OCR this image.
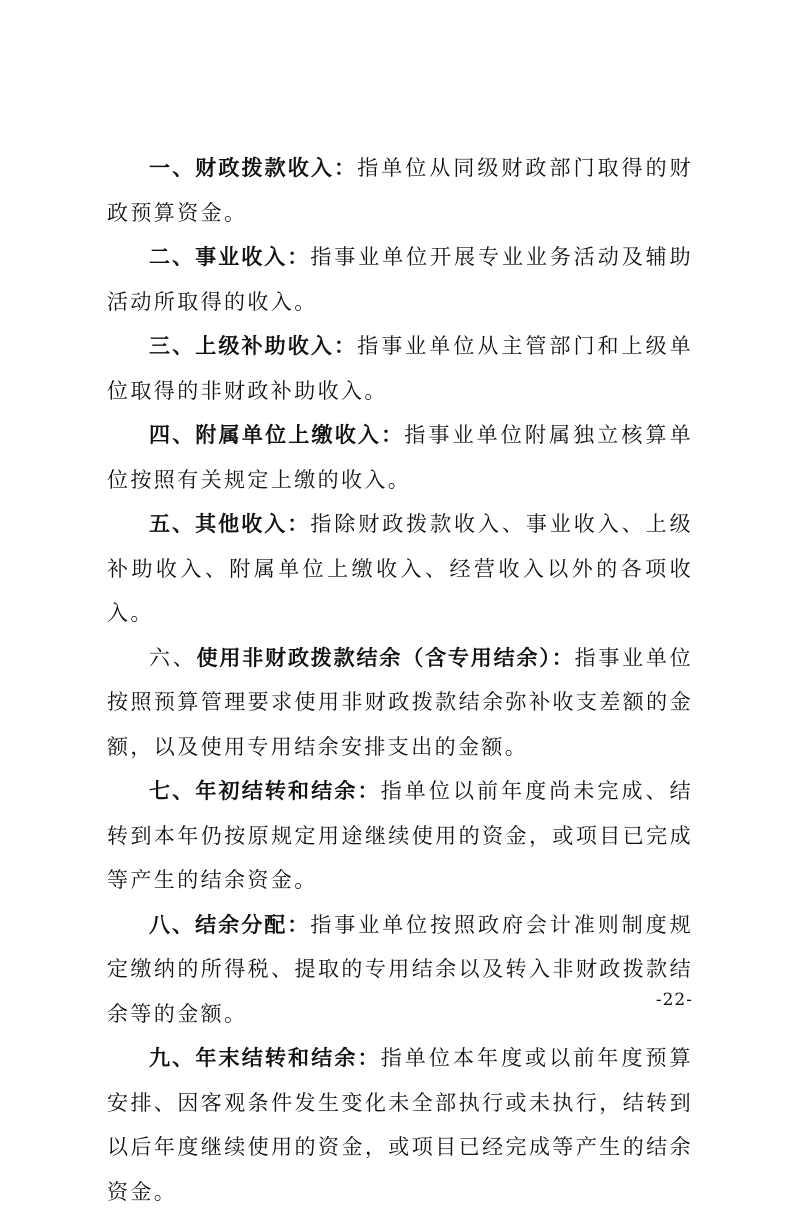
一、财政拨款收入：指单位从同级财政部门取得的财政预算资金。

二、事业收入：指事业单位开展专业业务活动及辅助活动所取得的收入。

三、上级补助收入：指事业单位从主管部门和上级单位取得的非财政补助收入。

四、附属单位上缴收入：指事业单位附属独立核算单位按照有关规定上缴的收入。

五、其他收入：指除财政拨款收入、事业收入、上级补助收入、附属单位上缴收入、经营收入以外的各项收入。

六、使用非财政拨款结余（含专用结余）：指事业单位按照预算管理要求使用非财政拨款结余弥补收支差额的金额，以及使用专用结余安排支出的金额。

七、年初结转和结余：指单位以前年度尚未完成、结转到本年仍按原规定用途继续使用的资金，或项目已完成等产生的结余资金。

八、结余分配：指事业单位按照政府会计准则制度规定缴纳的所得税、提取的专用结余以及转入非财政拨款结余等的金额。

九、年末结转和结余：指单位本年度或以前年度预算安排、因客观条件发生变化未全部执行或未执行，结转到以后年度继续使用的资金，或项目已经完成等产生的结余资金。

-22-
